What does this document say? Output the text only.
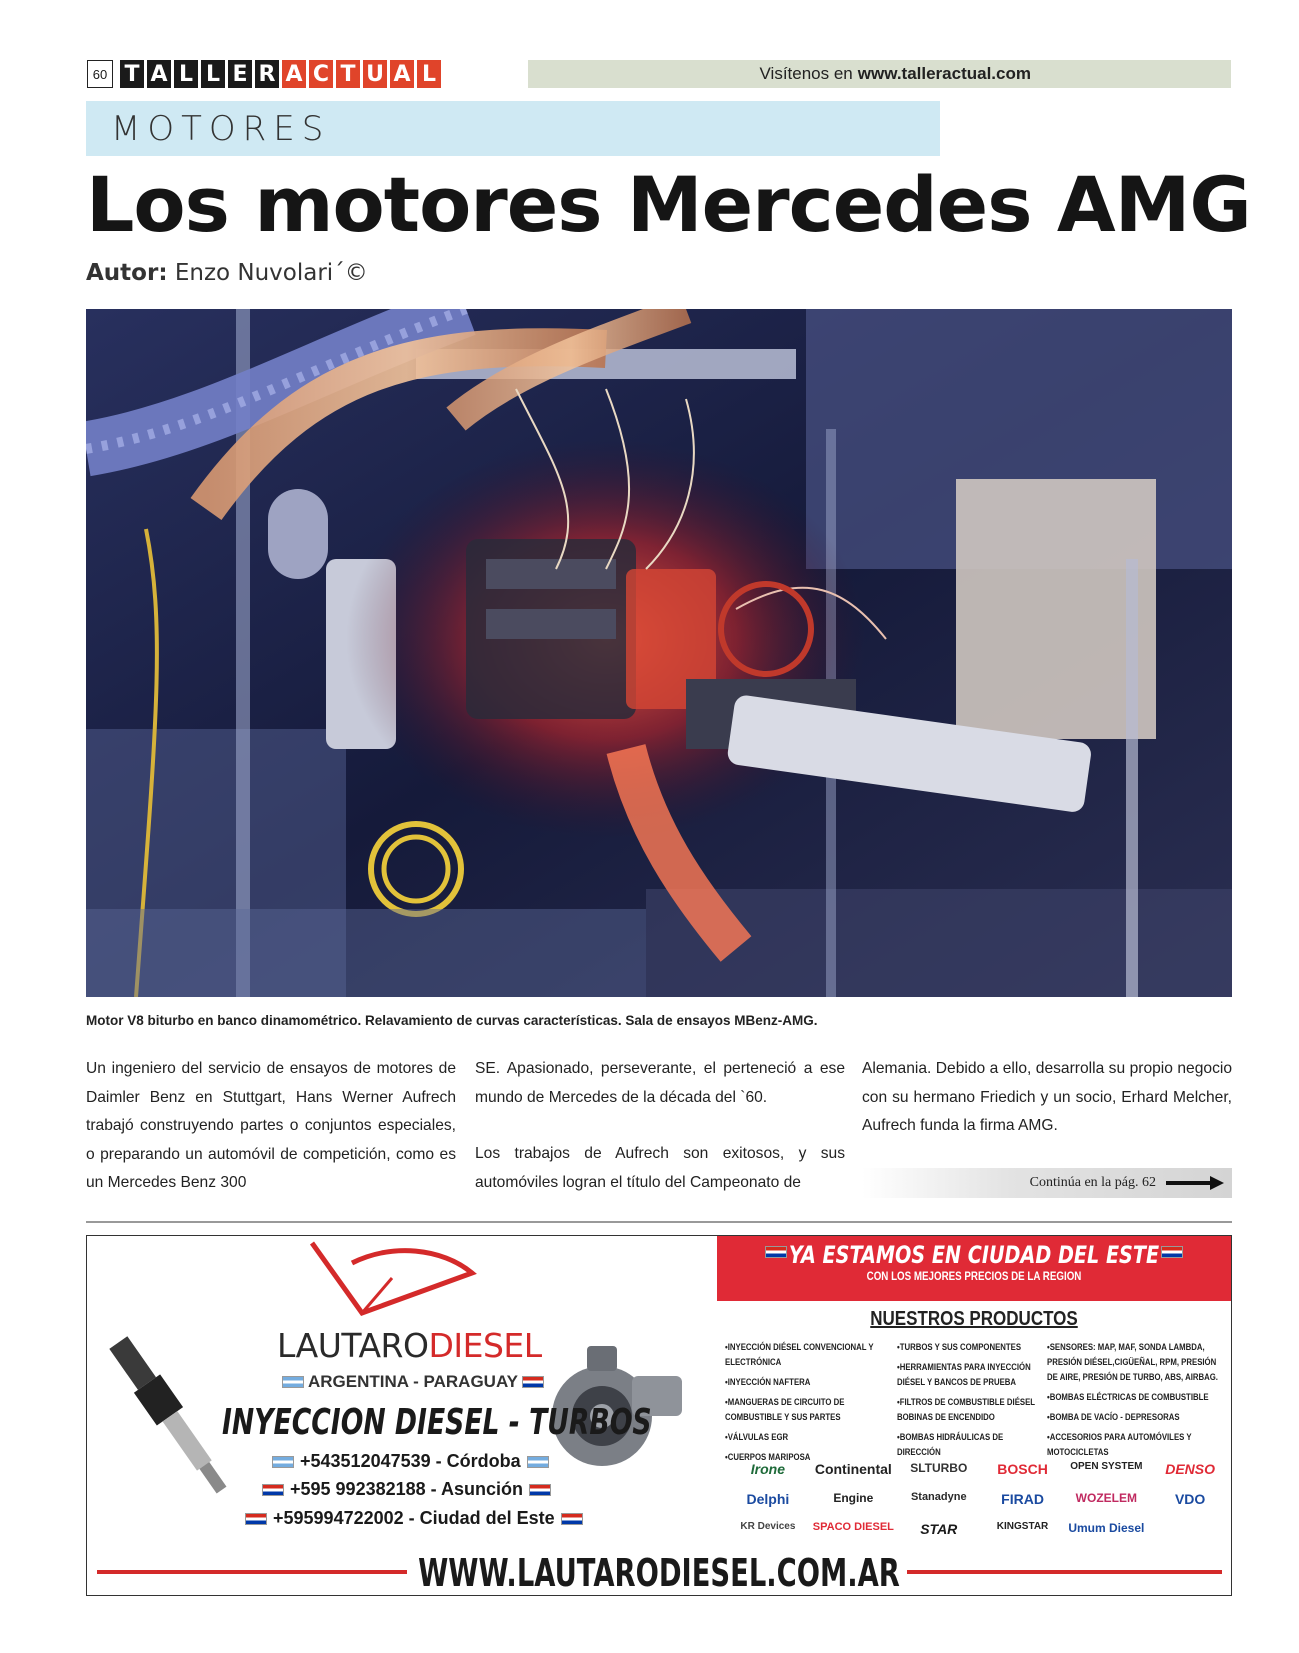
60 T A L L E R A C T U A L	Visítenos en www.talleractual.com
MOTORES
Los motores Mercedes AMG
Autor: Enzo Nuvolari´©
Motor V8 biturbo en banco dinamométrico. Relavamiento de curvas características. Sala de ensayos MBenz-AMG.

Un ingeniero del servicio de ensayos de motores de Daimler Benz en Stuttgart, Hans Werner Aufrech trabajó construyendo partes o conjuntos especiales, o preparando un automóvil de competición, como es un Mercedes Benz 300

SE. Apasionado, perseverante, el perteneció a ese mundo de Mercedes de la década del `60.

Los trabajos de Aufrech son exitosos, y sus automóviles logran el título del Campeonato de

Alemania. Debido a ello, desarrolla su propio negocio con su hermano Friedich y un socio, Erhard Melcher, Aufrech funda la firma AMG.

Continúa en la pág.
62
LAUTARODIESEL
ARGENTINA - PARAGUAY
INYECCION DIESEL - TURBOS
+543512047539 - Córdoba
+595 992382188 - Asunción
+595994722002 - Ciudad del Este
YA ESTAMOS EN CIUDAD DEL ESTE
CON LOS MEJORES PRECIOS DE LA REGION
NUESTROS PRODUCTOS
•INYECCIÓN DIÉSEL CONVENCIONAL Y ELECTRÓNICA
•INYECCIÓN NAFTERA
•MANGUERAS DE CIRCUITO DE COMBUSTIBLE Y SUS PARTES
•VÁLVULAS EGR
•CUERPOS MARIPOSA
•TURBOS Y SUS COMPONENTES
•HERRAMIENTAS PARA INYECCIÓN DIÉSEL Y BANCOS DE PRUEBA
•FILTROS DE COMBUSTIBLE DIÉSEL BOBINAS DE ENCENDIDO
•BOMBAS HIDRÁULICAS DE DIRECCIÓN
•SENSORES: MAP, MAF, SONDA LAMBDA, PRESIÓN DIÉSEL,CIGÜEÑAL, RPM, PRESIÓN DE AIRE, PRESIÓN DE TURBO, ABS, AIRBAG.
•BOMBAS ELÉCTRICAS DE COMBUSTIBLE
•BOMBA DE VACÍO - DEPRESORAS
•ACCESORIOS PARA AUTOMÓVILES Y MOTOCICLETAS
Irone	Continental	SLTURBO	BOSCH	OPEN SYSTEM	DENSO
Delphi	Engine	Stanadyne	FIRAD	WOZELEM	VDO
KR Devices	SPACO DIESEL	STAR	KINGSTAR	Umum Diesel
WWW.LAUTARODIESEL.COM.AR
